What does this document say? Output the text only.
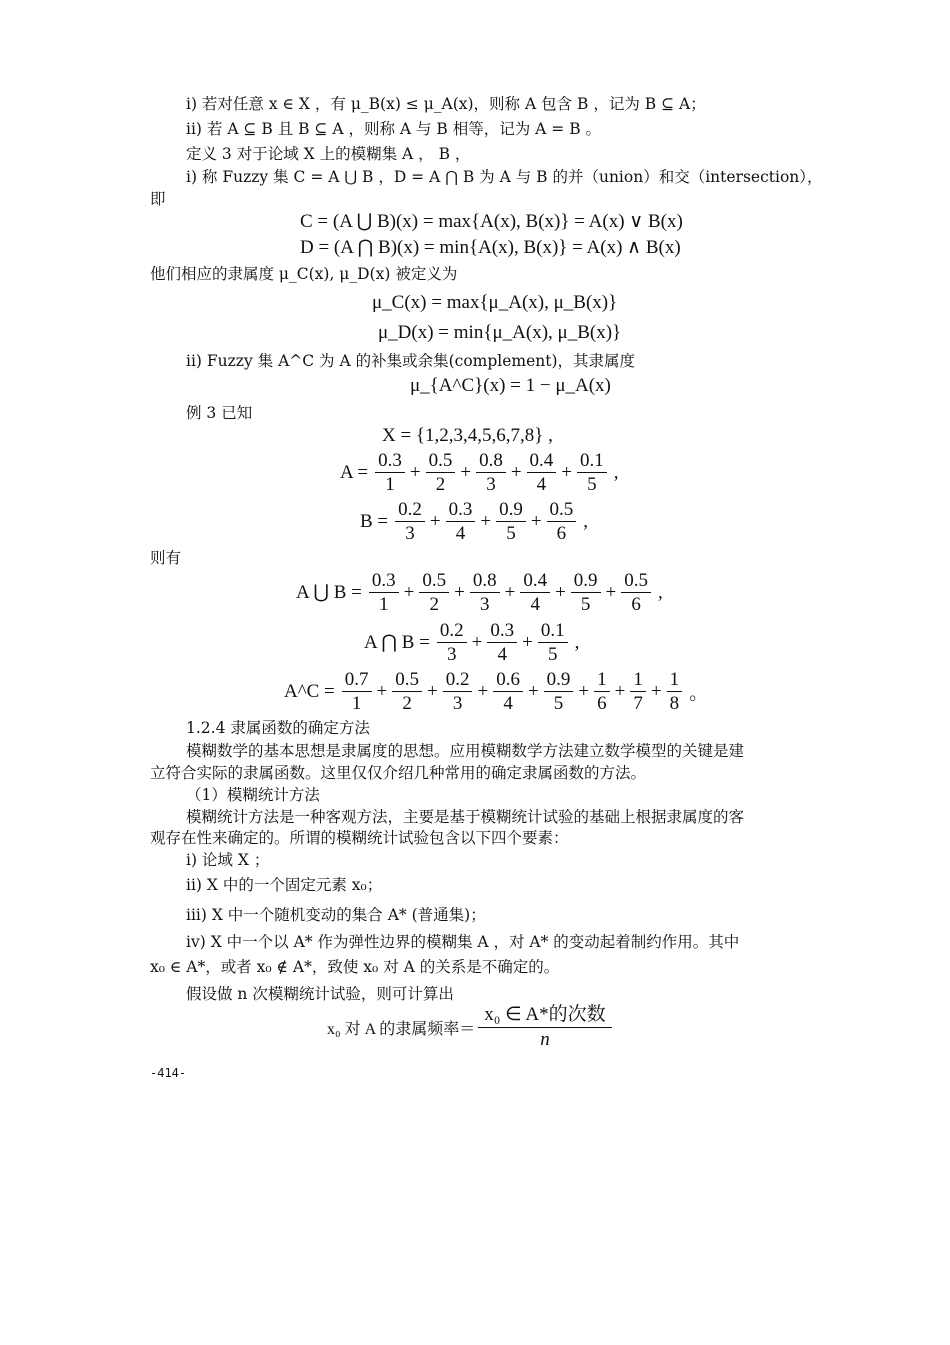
i) 若对任意 x ∈ X ，有 μ_B(x) ≤ μ_A(x)，则称 A 包含 B ，记为 B ⊆ A；
ii) 若 A ⊆ B 且 B ⊆ A ，则称 A 与 B 相等，记为 A = B 。
定义 3 对于论域 X 上的模糊集 A ， B ，
i) 称 Fuzzy 集 C = A ⋃ B ，D = A ⋂ B 为 A 与 B 的并（union）和交（intersection），
即
C = (A ⋃ B)(x) = max{A(x), B(x)} = A(x) ∨ B(x)
D = (A ⋂ B)(x) = min{A(x), B(x)} = A(x) ∧ B(x)
他们相应的隶属度 μ_C(x), μ_D(x) 被定义为
μ_C(x) = max{μ_A(x), μ_B(x)}
μ_D(x) = min{μ_A(x), μ_B(x)}
ii) Fuzzy 集 A^C 为 A 的补集或余集(complement)，其隶属度
μ_{A^C}(x) = 1 − μ_A(x)
例 3 已知
X = {1,2,3,4,5,6,7,8} ,
$A = \frac{0.3}{1} + \frac{0.5}{2} + \frac{0.8}{3} + \frac{0.4}{4} + \frac{0.1}{5}$ ,
$B = \frac{0.2}{3} + \frac{0.3}{4} + \frac{0.9}{5} + \frac{0.5}{6}$ ,
则有
A ⋃ $B = \frac{0.3}{1} + \frac{0.5}{2} + \frac{0.8}{3} + \frac{0.4}{4} + \frac{0.9}{5} + \frac{0.5}{6}$ ,
A ⋂ $B = \frac{0.2}{3} + \frac{0.3}{4} + \frac{0.1}{5}$ ,
A^C = $\frac{0.7}{1} + \frac{0.5}{2} + \frac{0.2}{3} + \frac{0.6}{4} + \frac{0.9}{5} + \frac{1}{6} + \frac{1}{7} + \frac{1}{8}$ 。
1.2.4 隶属函数的确定方法
模糊数学的基本思想是隶属度的思想。应用模糊数学方法建立数学模型的关键是建
立符合实际的隶属函数。这里仅仅介绍几种常用的确定隶属函数的方法。
（1）模糊统计方法
模糊统计方法是一种客观方法，主要是基于模糊统计试验的基础上根据隶属度的客
观存在性来确定的。所谓的模糊统计试验包含以下四个要素：
i) 论域 X ；
ii) X 中的一个固定元素 x₀；
iii) X 中一个随机变动的集合 A* (普通集)；
iv) X 中一个以 A* 作为弹性边界的模糊集 A ，对 A* 的变动起着制约作用。其中
x₀ ∈ A*，或者 x₀ ∉ A*，致使 x₀ 对 A 的关系是不确定的。
假设做 n 次模糊统计试验，则可计算出
x₀ 对 A 的隶属频率＝ $\frac{\text{x₀ ∈ A*的次数}}{n}$
-414-
